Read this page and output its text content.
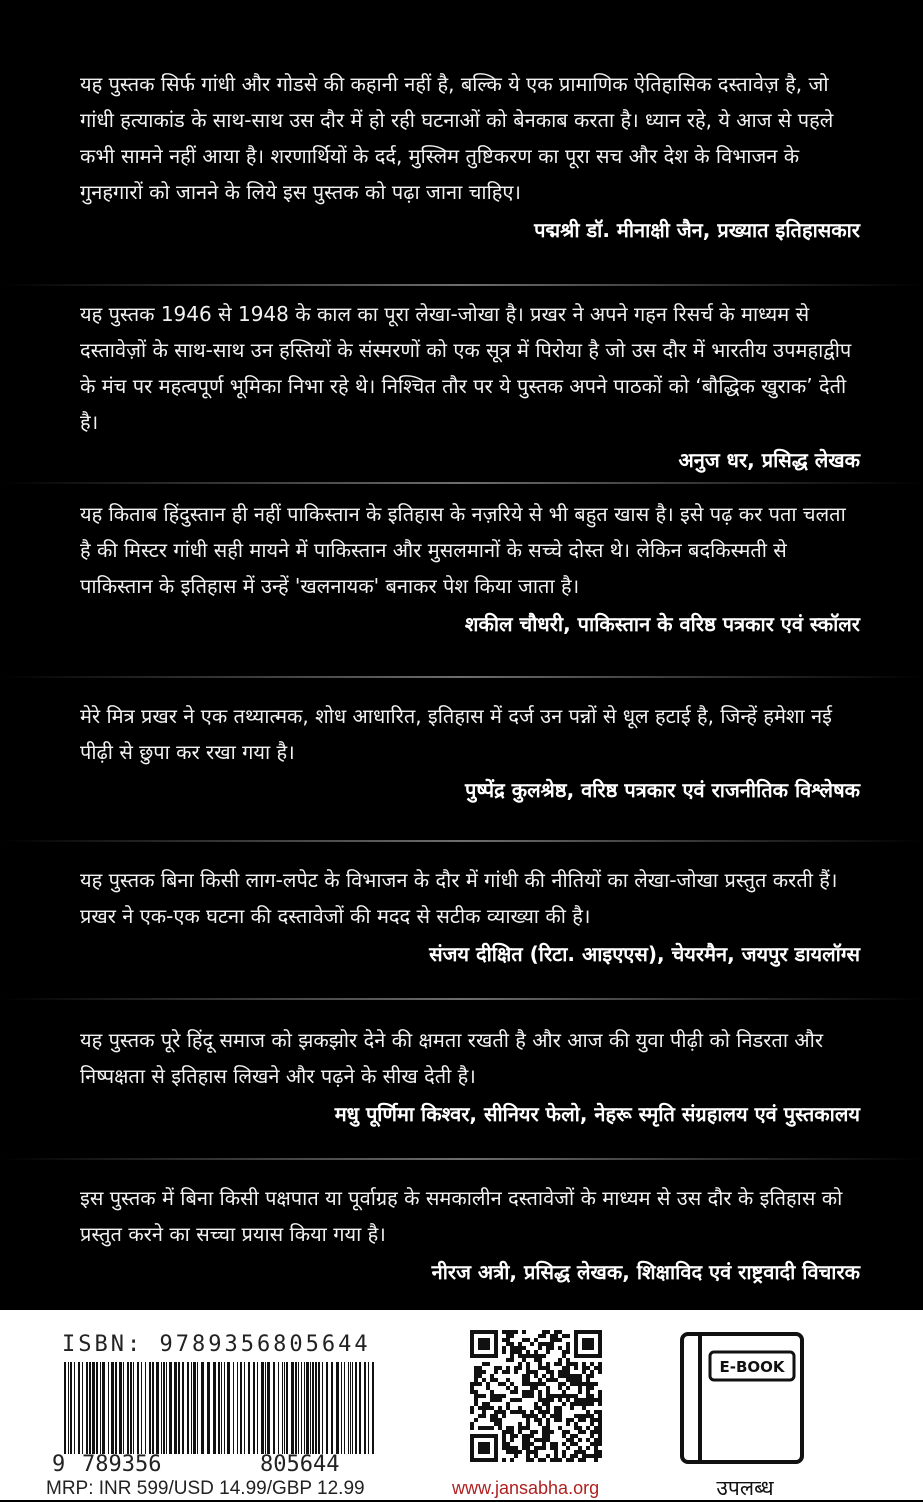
यह पुस्तक सिर्फ गांधी और गोडसे की कहानी नहीं है, बल्कि ये एक प्रामाणिक ऐतिहासिक दस्तावेज़ है, जो गांधी हत्याकांड के साथ-साथ उस दौर में हो रही घटनाओं को बेनकाब करता है। ध्यान रहे, ये आज से पहले कभी सामने नहीं आया है। शरणार्थियों के दर्द, मुस्लिम तुष्टिकरण का पूरा सच और देश के विभाजन के गुनहगारों को जानने के लिये इस पुस्तक को पढ़ा जाना चाहिए।

पद्मश्री डॉ. मीनाक्षी जैन, प्रख्यात इतिहासकार

यह पुस्तक 1946 से 1948 के काल का पूरा लेखा-जोखा है। प्रखर ने अपने गहन रिसर्च के माध्यम से दस्तावेज़ों के साथ-साथ उन हस्तियों के संस्मरणों को एक सूत्र में पिरोया है जो उस दौर में भारतीय उपमहाद्वीप के मंच पर महत्वपूर्ण भूमिका निभा रहे थे। निश्चित तौर पर ये पुस्तक अपने पाठकों को ‘बौद्धिक खुराक’ देती है।

अनुज धर, प्रसिद्ध लेखक

यह किताब हिंदुस्तान ही नहीं पाकिस्तान के इतिहास के नज़रिये से भी बहुत खास है। इसे पढ़ कर पता चलता है की मिस्टर गांधी सही मायने में पाकिस्तान और मुसलमानों के सच्चे दोस्त थे। लेकिन बदकिस्मती से पाकिस्तान के इतिहास में उन्हें 'खलनायक' बनाकर पेश किया जाता है।

शकील चौधरी, पाकिस्तान के वरिष्ठ पत्रकार एवं स्कॉलर

मेरे मित्र प्रखर ने एक तथ्यात्मक, शोध आधारित, इतिहास में दर्ज उन पन्नों से धूल हटाई है, जिन्हें हमेशा नई पीढ़ी से छुपा कर रखा गया है।

पुष्पेंद्र कुलश्रेष्ठ, वरिष्ठ पत्रकार एवं राजनीतिक विश्लेषक

यह पुस्तक बिना किसी लाग-लपेट के विभाजन के दौर में गांधी की नीतियों का लेखा-जोखा प्रस्तुत करती हैं। प्रखर ने एक-एक घटना की दस्तावेजों की मदद से सटीक व्याख्या की है।

संजय दीक्षित (रिटा. आइएएस), चेयरमैन, जयपुर डायलॉग्स

यह पुस्तक पूरे हिंदू समाज को झकझोर देने की क्षमता रखती है और आज की युवा पीढ़ी को निडरता और निष्पक्षता से इतिहास लिखने और पढ़ने के सीख देती है।

मधु पूर्णिमा किश्वर, सीनियर फेलो, नेहरू स्मृति संग्रहालय एवं पुस्तकालय

इस पुस्तक में बिना किसी पक्षपात या पूर्वाग्रह के समकालीन दस्तावेजों के माध्यम से उस दौर के इतिहास को प्रस्तुत करने का सच्चा प्रयास किया गया है।

नीरज अत्री, प्रसिद्ध लेखक, शिक्षाविद एवं राष्ट्रवादी विचारक
ISBN: 9789356805644
9 789356	805644
MRP: INR 599/USD 14.99/GBP 12.99	www.jansabha.org
E-BOOK
उपलब्ध
